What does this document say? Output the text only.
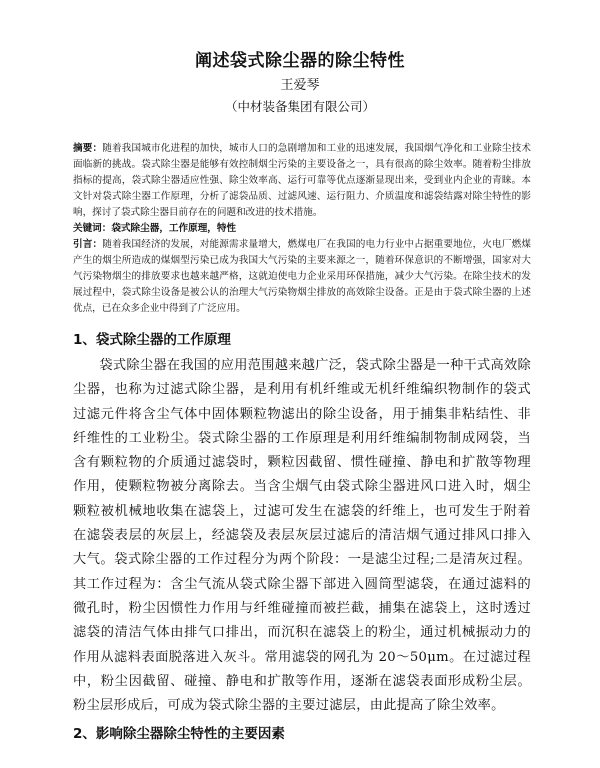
阐述袋式除尘器的除尘特性
王爱琴
（中材装备集团有限公司）
摘要：随着我国城市化进程的加快，城市人口的急剧增加和工业的迅速发展，我国烟气净化和工业除尘技术面临新的挑战。袋式除尘器是能够有效控制烟尘污染的主要设备之一，具有很高的除尘效率。随着粉尘排放指标的提高，袋式除尘器适应性强、除尘效率高、运行可靠等优点逐渐显现出来，受到业内企业的青睐。本文针对袋式除尘器工作原理，分析了滤袋品质、过滤风速、运行阻力、介质温度和滤袋结露对除尘特性的影响，探讨了袋式除尘器目前存在的问题和改进的技术措施。
关键词：袋式除尘器，工作原理，特性
引言：随着我国经济的发展，对能源需求量增大，燃煤电厂在我国的电力行业中占据重要地位，火电厂燃煤产生的烟尘所造成的煤烟型污染已成为我国大气污染的主要来源之一，随着环保意识的不断增强，国家对大气污染物烟尘的排放要求也越来越严格，这就迫使电力企业采用环保措施，减少大气污染。在除尘技术的发展过程中，袋式除尘设备是被公认的治理大气污染物烟尘排放的高效除尘设备。正是由于袋式除尘器的上述优点，已在众多企业中得到了广泛应用。
1、袋式除尘器的工作原理
袋式除尘器在我国的应用范围越来越广泛，袋式除尘器是一种干式高效除尘器，也称为过滤式除尘器，是利用有机纤维或无机纤维编织物制作的袋式过滤元件将含尘气体中固体颗粒物滤出的除尘设备，用于捕集非粘结性、非纤维性的工业粉尘。袋式除尘器的工作原理是利用纤维编制物制成网袋，当含有颗粒物的介质通过滤袋时，颗粒因截留、惯性碰撞、静电和扩散等物理作用，使颗粒物被分离除去。当含尘烟气由袋式除尘器进风口进入时，烟尘颗粒被机械地收集在滤袋上，过滤可发生在滤袋的纤维上，也可发生于附着在滤袋表层的灰层上，经滤袋及表层灰层过滤后的清洁烟气通过排风口排入大气。袋式除尘器的工作过程分为两个阶段：一是滤尘过程;二是清灰过程。其工作过程为：含尘气流从袋式除尘器下部进入圆筒型滤袋，在通过滤料的微孔时，粉尘因惯性力作用与纤维碰撞而被拦截，捕集在滤袋上，这时透过滤袋的清洁气体由排气口排出，而沉积在滤袋上的粉尘，通过机械振动力的作用从滤料表面脱落进入灰斗。常用滤袋的网孔为 20～50μm。在过滤过程中，粉尘因截留、碰撞、静电和扩散等作用，逐渐在滤袋表面形成粉尘层。粉尘层形成后，可成为袋式除尘器的主要过滤层，由此提高了除尘效率。
2、影响除尘器除尘特性的主要因素
